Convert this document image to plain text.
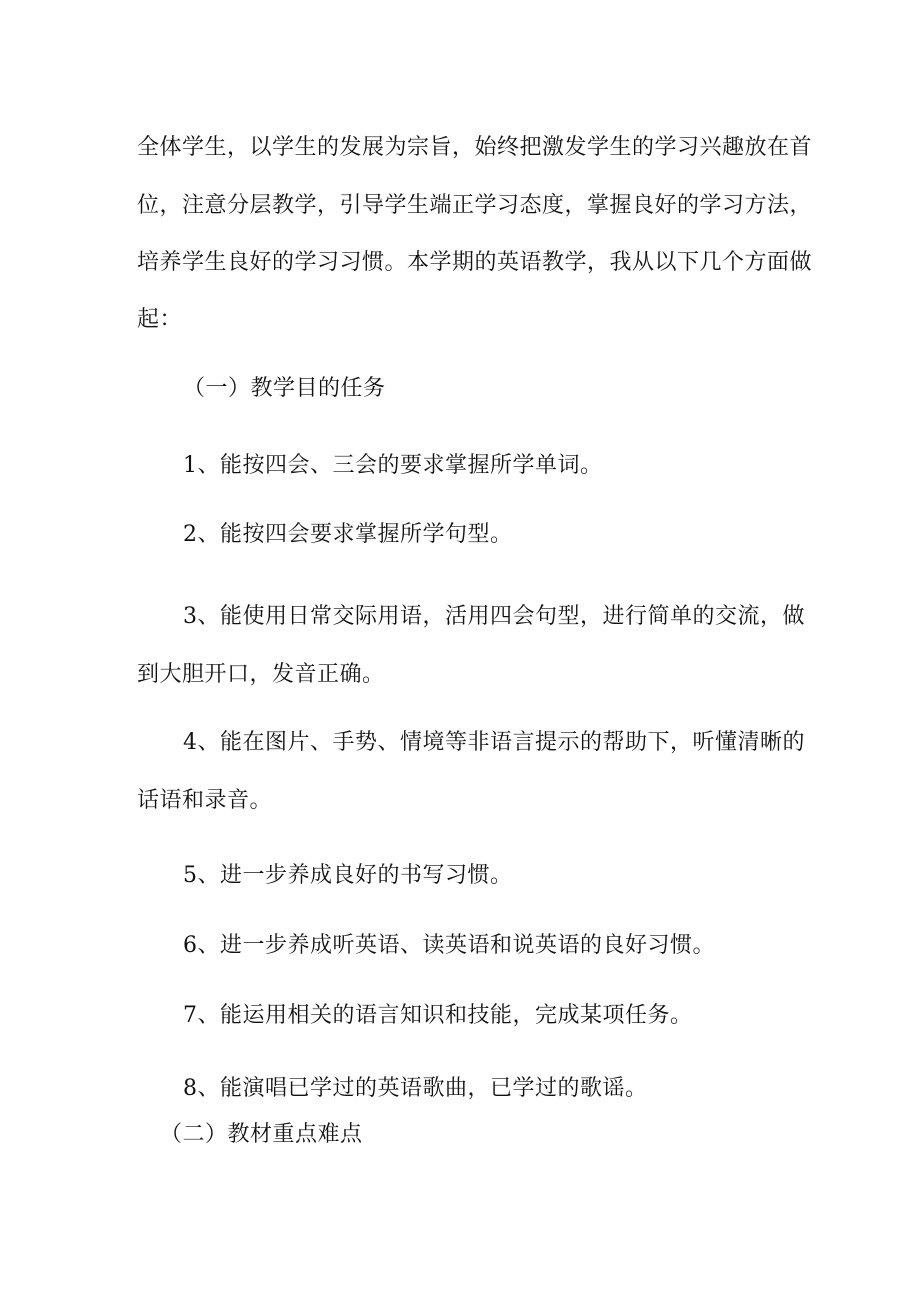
全体学生，以学生的发展为宗旨，始终把激发学生的学习兴趣放在首

位，注意分层教学，引导学生端正学习态度，掌握良好的学习方法，

培养学生良好的学习习惯。本学期的英语教学，我从以下几个方面做

起：

（一）教学目的任务

1、能按四会、三会的要求掌握所学单词。

2、能按四会要求掌握所学句型。

3、能使用日常交际用语，活用四会句型，进行简单的交流，做

到大胆开口，发音正确。

4、能在图片、手势、情境等非语言提示的帮助下，听懂清晰的

话语和录音。

5、进一步养成良好的书写习惯。

6、进一步养成听英语、读英语和说英语的良好习惯。

7、能运用相关的语言知识和技能，完成某项任务。

8、能演唱已学过的英语歌曲，已学过的歌谣。

（二）教材重点难点
